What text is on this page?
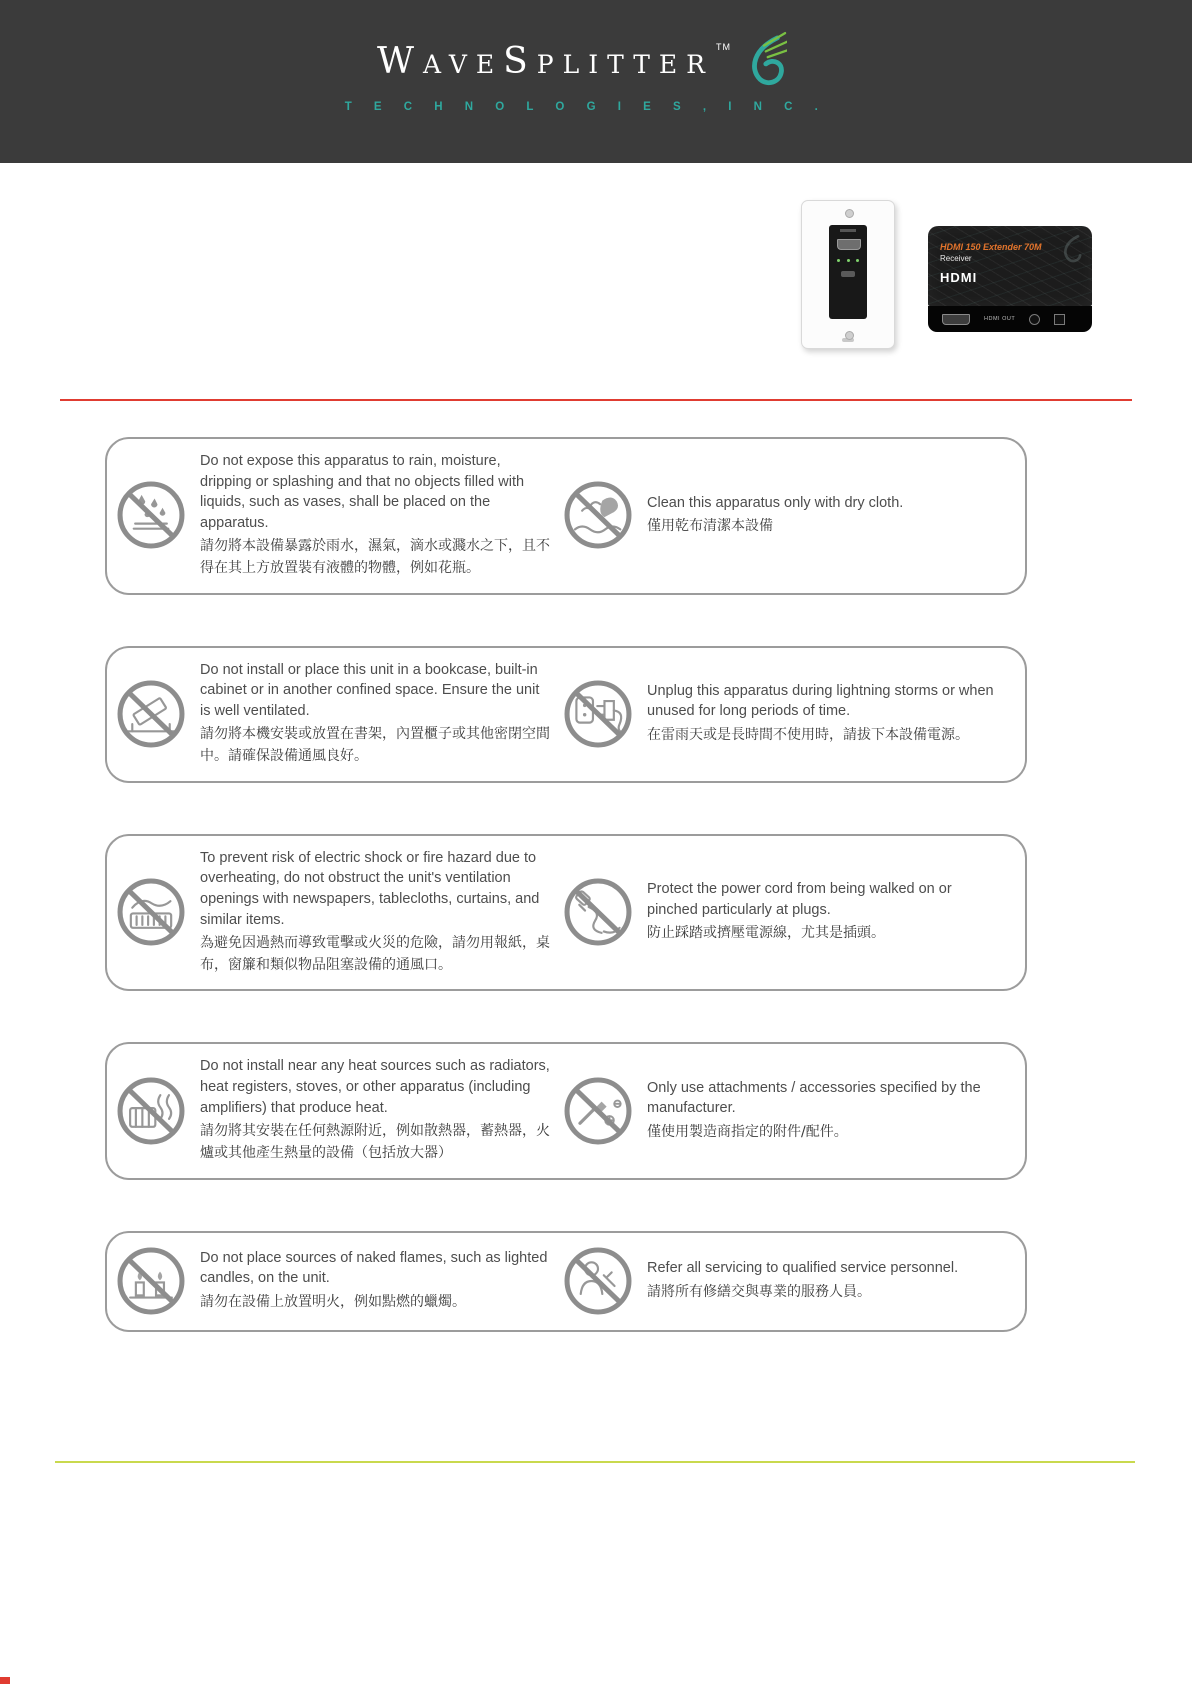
WaveSplitter TM
T E C H N O L O G I E S , I N C .
HDMI 150 Extender 70M
Receiver
HDMI
HDMI OUT

Do not expose this apparatus to rain, moisture, dripping or splashing and that no objects filled with liquids, such as vases, shall be placed on the apparatus.

請勿將本設備暴露於雨水，濕氣，滴水或濺水之下，且不得在其上方放置裝有液體的物體，例如花瓶。

Clean this apparatus only with dry cloth.

僅用乾布清潔本設備

Do not install or place this unit in a bookcase, built-in cabinet or in another confined space. Ensure the unit is well ventilated.

請勿將本機安裝或放置在書架，內置櫃子或其他密閉空間中。請確保設備通風良好。

Unplug this apparatus during lightning storms or when unused for long periods of time.

在雷雨天或是長時間不使用時，請拔下本設備電源。

To prevent risk of electric shock or fire hazard due to overheating, do not obstruct the unit's ventilation openings with newspapers, tablecloths, curtains, and similar items.

為避免因過熱而導致電擊或火災的危險，請勿用報紙，桌布，窗簾和類似物品阻塞設備的通風口。

Protect the power cord from being walked on or pinched particularly at plugs.

防止踩踏或擠壓電源線，尤其是插頭。

Do not install near any heat sources such as radiators, heat registers, stoves, or other apparatus (including amplifiers) that produce heat.

請勿將其安裝在任何熱源附近，例如散熱器，蓄熱器，火爐或其他產生熱量的設備（包括放大器）

Only use attachments / accessories specified by the manufacturer.

僅使用製造商指定的附件/配件。

Do not place sources of naked flames, such as lighted candles, on the unit.

請勿在設備上放置明火，例如點燃的蠟燭。

Refer all servicing to qualified service personnel.

請將所有修繕交與專業的服務人員。
